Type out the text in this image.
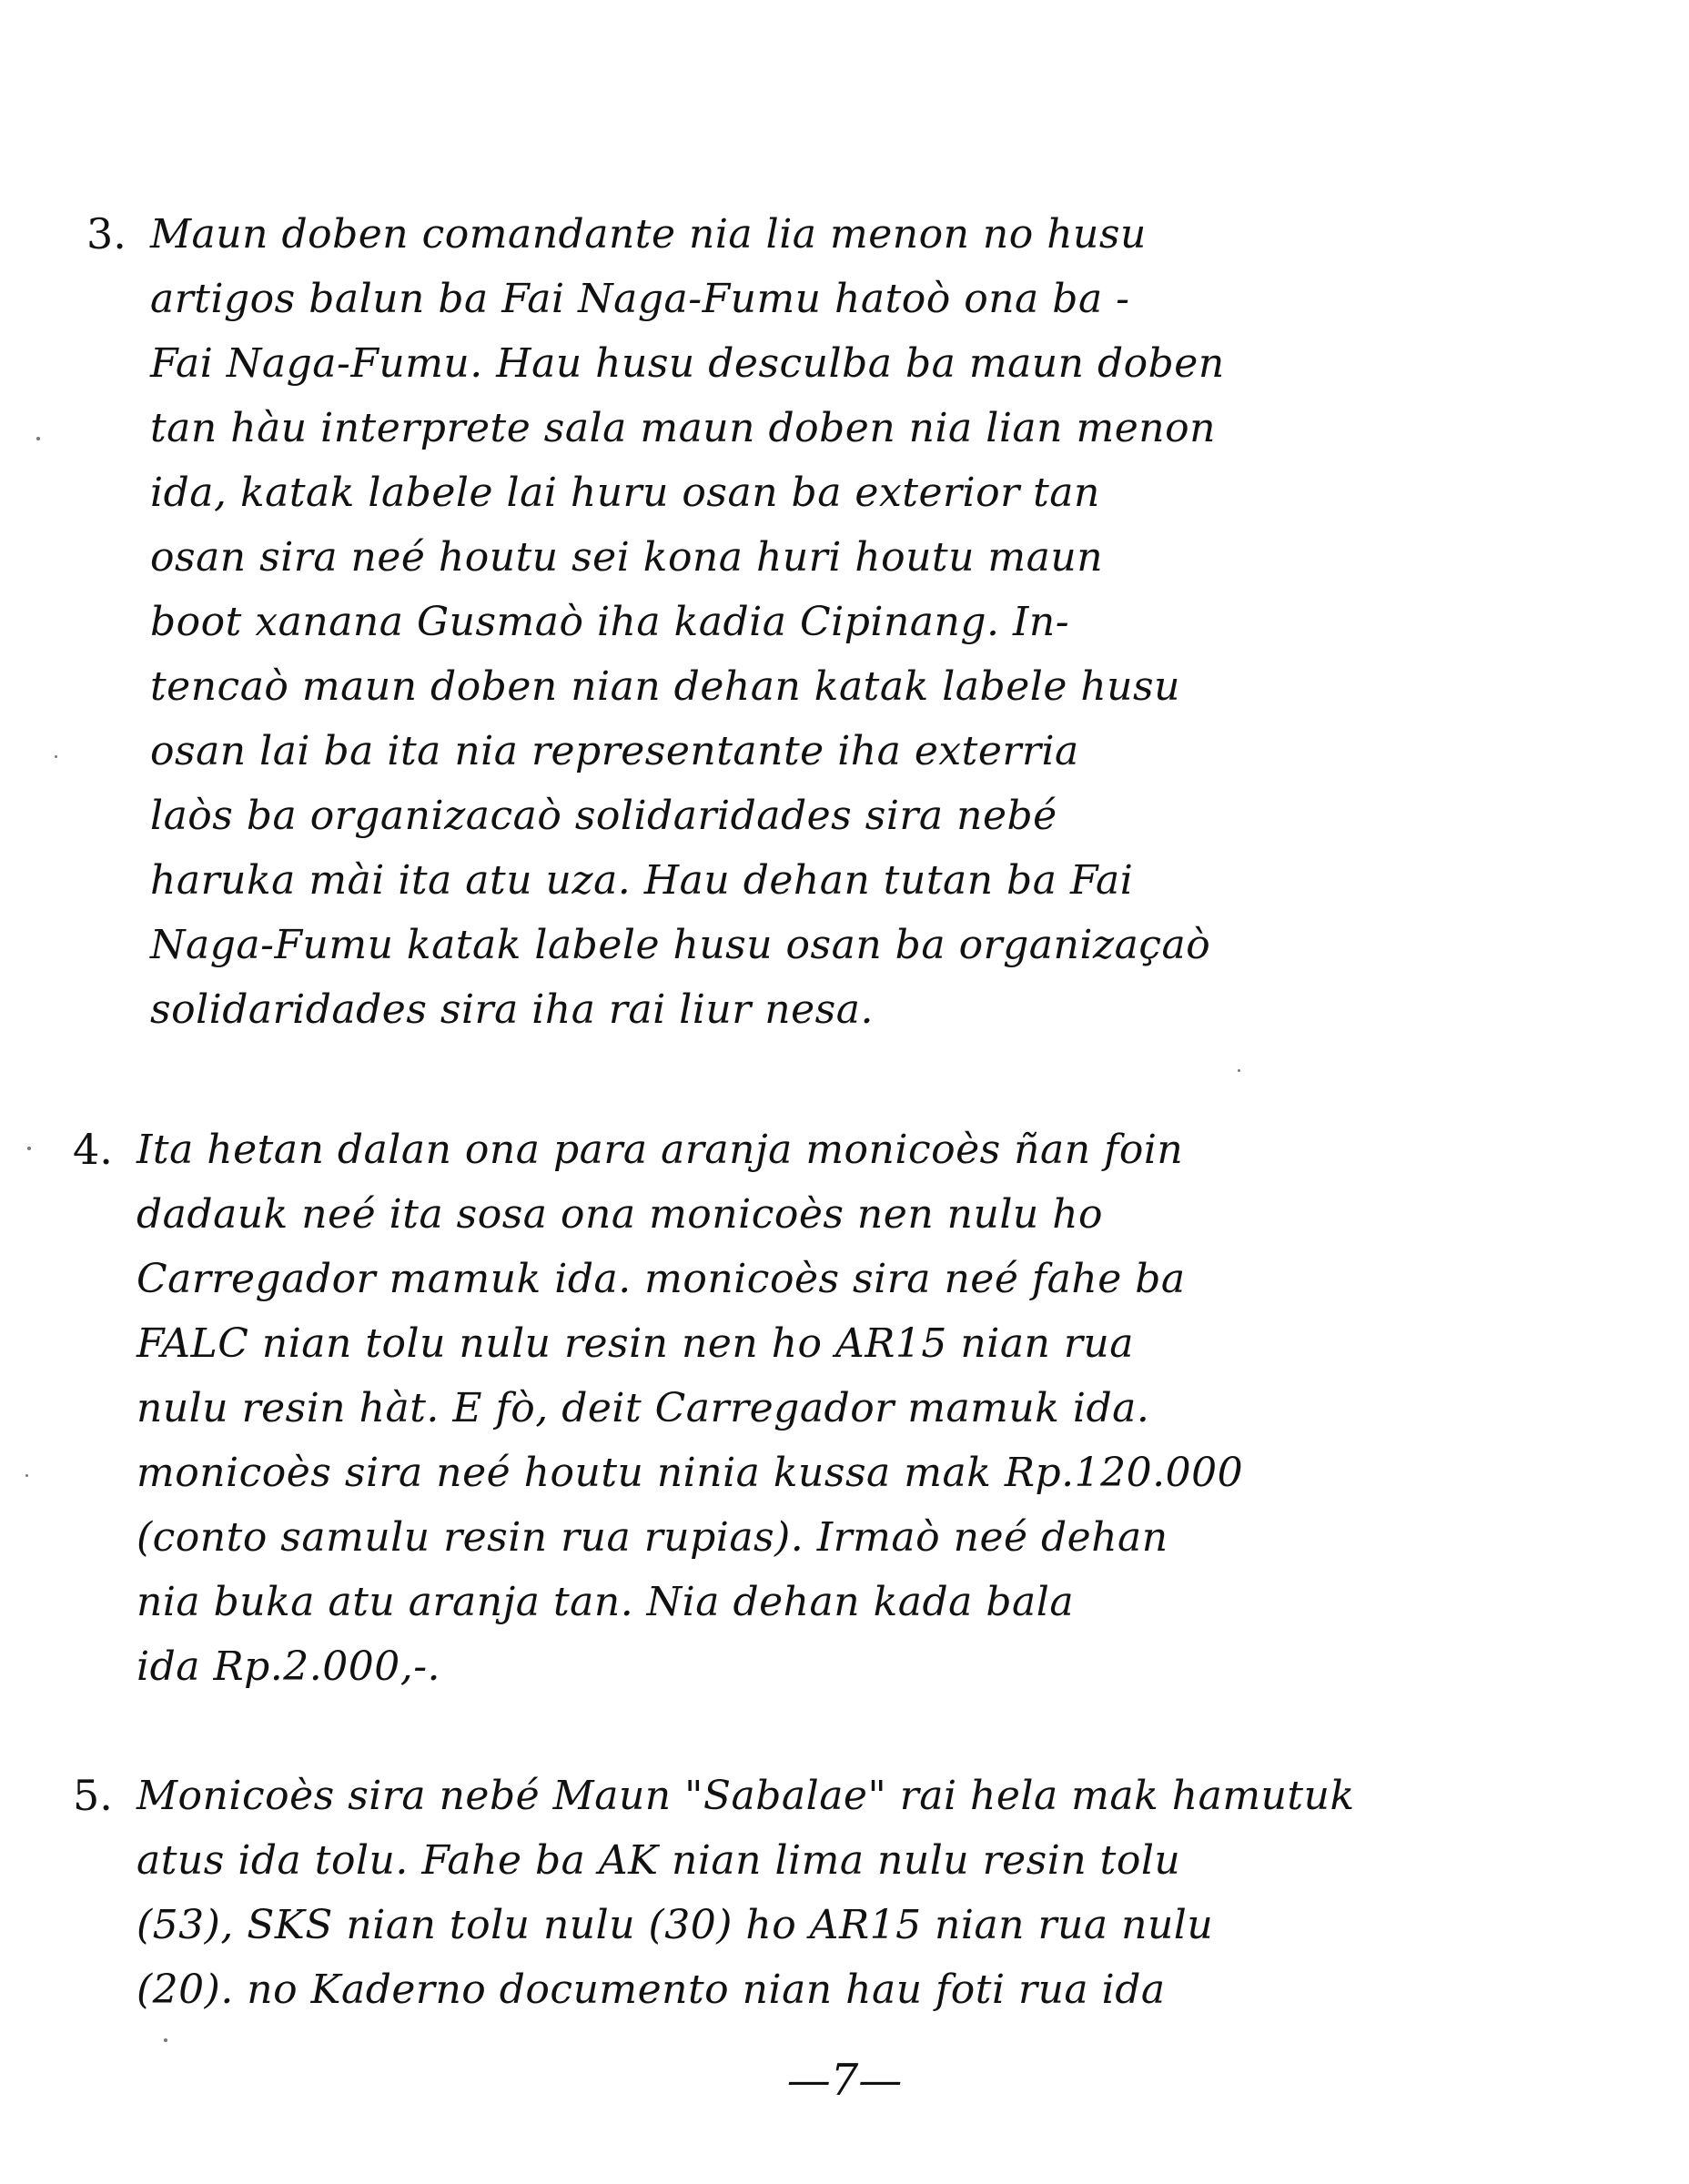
3. Maun doben comandante nia lia menon no husu
artigos balun ba Fai Naga-Fumu hatoò ona ba -
Fai Naga-Fumu. Hau husu desculba ba maun doben
tan hàu interprete sala maun doben nia lian menon
ida, katak labele lai huru osan ba exterior tan
osan sira neé houtu sei kona huri houtu maun
boot xanana Gusmaò iha kadia Cipinang. In-
tencaò maun doben nian dehan katak labele husu
osan lai ba ita nia representante iha exterria
laòs ba organizacaò solidaridades sira nebé
haruka mài ita atu uza. Hau dehan tutan ba Fai
Naga-Fumu katak labele husu osan ba organizaçaò
solidaridades sira iha rai liur nesa.
4. Ita hetan dalan ona para aranja monicoès ñan foin
dadauk neé ita sosa ona monicoès nen nulu ho
Carregador mamuk ida. monicoès sira neé fahe ba
FALC nian tolu nulu resin nen ho AR15 nian rua
nulu resin hàt. E fò, deit Carregador mamuk ida.
monicoès sira neé houtu ninia kussa mak Rp.120.000
(conto samulu resin rua rupias). Irmaò neé dehan
nia buka atu aranja tan. Nia dehan kada bala
ida Rp.2.000,-.
5. Monicoès sira nebé Maun "Sabalae" rai hela mak hamutuk
atus ida tolu. Fahe ba AK nian lima nulu resin tolu
(53), SKS nian tolu nulu (30) ho AR15 nian rua nulu
(20). no Kaderno documento nian hau foti rua ida
—7—
